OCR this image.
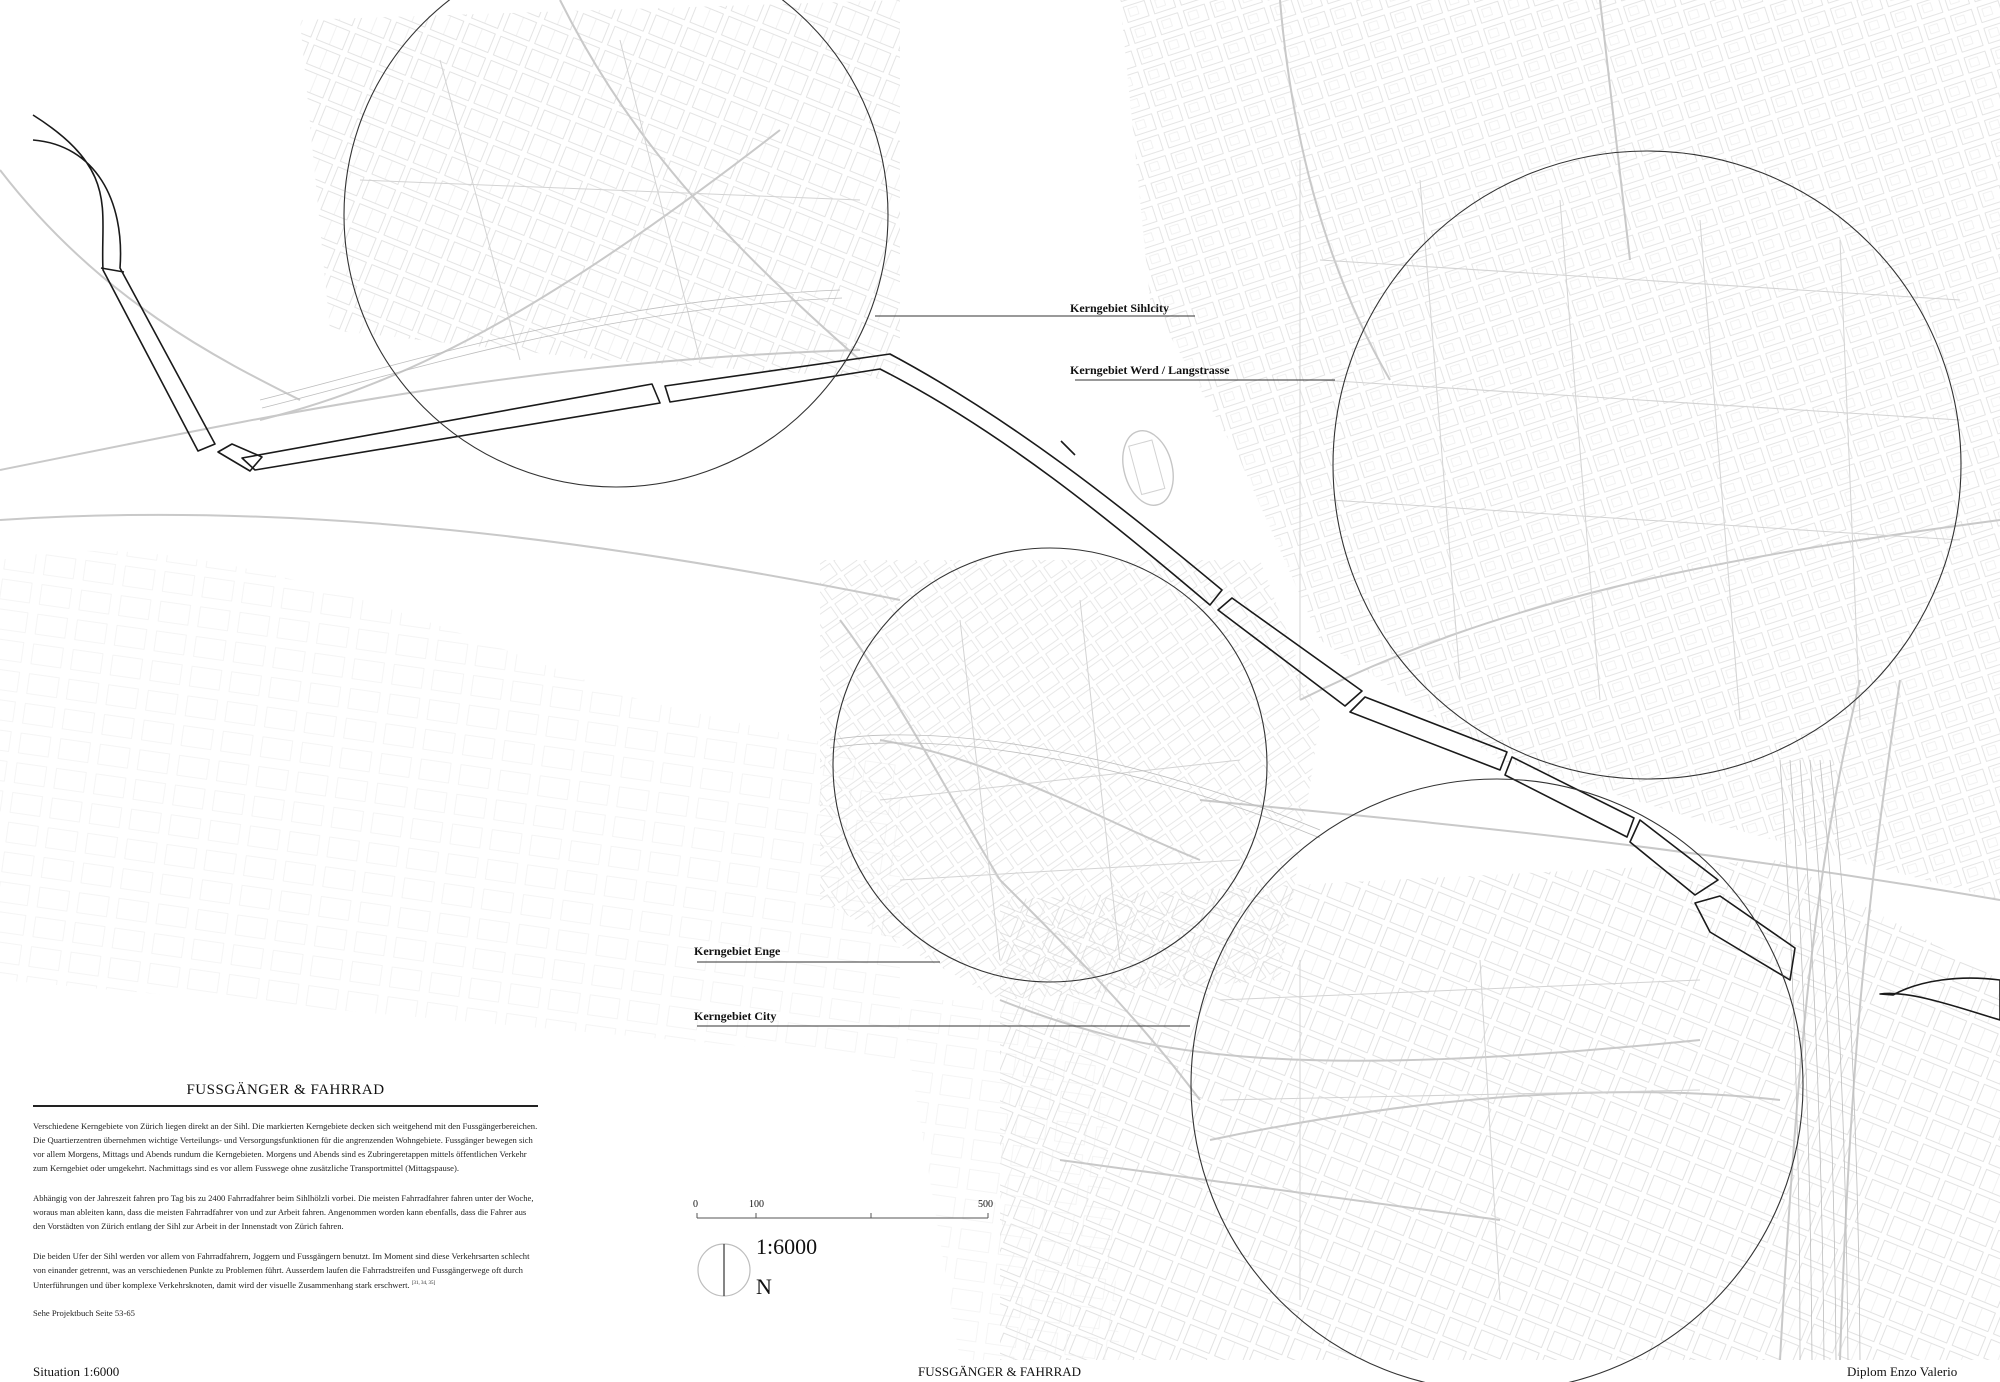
Kerngebiet Sihlcity
Kerngebiet Werd / Langstrasse
Kerngebiet Enge
Kerngebiet City
FUSSGÄNGER & FAHRRAD

Verschiedene Kerngebiete von Zürich liegen direkt an der Sihl. Die markierten Kerngebiete decken sich weitgehend mit den Fussgängerbereichen. Die Quartierzentren übernehmen wichtige Verteilungs- und Versorgungsfunktionen für die angrenzenden Wohngebiete. Fussgänger bewegen sich vor allem Morgens, Mittags und Abends rundum die Kerngebieten. Morgens und Abends sind es Zubringeretappen mittels öffentlichen Verkehr zum Kerngebiet oder umgekehrt. Nachmittags sind es vor allem Fusswege ohne zusätzliche Transportmittel (Mittagspause).

Abhängig von der Jahreszeit fahren pro Tag bis zu 2400 Fahrradfahrer beim Sihlhölzli vorbei. Die meisten Fahrradfahrer fahren unter der Woche, woraus man ableiten kann, dass die meisten Fahrradfahrer von und zur Arbeit fahren. Angenommen worden kann ebenfalls, dass die Fahrer aus den Vorstädten von Zürich entlang der Sihl zur Arbeit in der Innenstadt von Zürich fahren.

Die beiden Ufer der Sihl werden vor allem von Fahrradfahrern, Joggern und Fussgängern benutzt. Im Moment sind diese Verkehrsarten schlecht von einander getrennt, was an verschiedenen Punkte zu Problemen führt. Ausserdem laufen die Fahrradstreifen und Fussgängerwege oft durch Unterführungen und über komplexe Verkehrsknoten, damit wird der visuelle Zusammenhang stark erschwert. [31, 34, 35]

Sehe Projektbuch Seite 53-65
0	100	500
1:6000
N
Situation 1:6000	FUSSGÄNGER & FAHRRAD	Diplom Enzo Valerio
